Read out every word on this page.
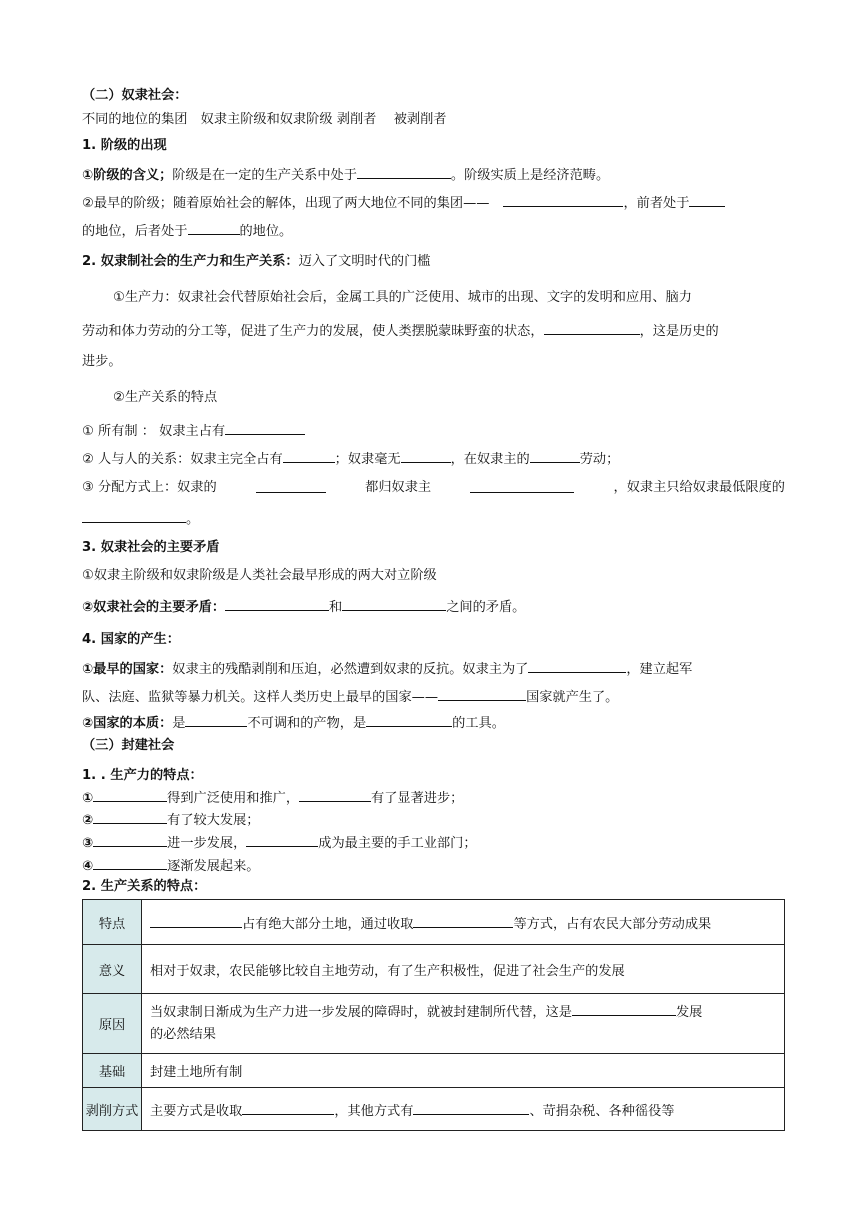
（二）奴隶社会：
不同的地位的集团　奴隶主阶级和奴隶阶级 剥削者　 被剥削者
1. 阶级的出现
①阶级的含义；阶级是在一定的生产关系中处于	。阶级实质上是经济范畴。
②最早的阶级；随着原始社会的解体，出现了两大地位不同的集团——	，前者处于
的地位，后者处于	的地位。
2. 奴隶制社会的生产力和生产关系：迈入了文明时代的门槛
①生产力：奴隶社会代替原始社会后，金属工具的广泛使用、城市的出现、文字的发明和应用、脑力
劳动和体力劳动的分工等，促进了生产力的发展，使人类摆脱蒙昧野蛮的状态，	，这是历史的
进步。
②生产关系的特点
① 所有制 ： 奴隶主占有
② 人与人的关系：奴隶主完全占有	；奴隶毫无	，在奴隶主的	劳动；
③ 分配方式上：奴隶的	都归奴隶主	，奴隶主只给奴隶最低限度的
。
3. 奴隶社会的主要矛盾
①奴隶主阶级和奴隶阶级是人类社会最早形成的两大对立阶级
②奴隶社会的主要矛盾：	和	之间的矛盾。
4. 国家的产生：
①最早的国家：奴隶主的残酷剥削和压迫，必然遭到奴隶的反抗。奴隶主为了	，建立起军
队、法庭、监狱等暴力机关。这样人类历史上最早的国家——	国家就产生了。
②国家的本质：是	不可调和的产物，是	的工具。
（三）封建社会
1. . 生产力的特点：
①	得到广泛使用和推广，	有了显著进步；
②	有了较大发展；
③	进一步发展，	成为最主要的手工业部门；
④	逐渐发展起来。
2. 生产关系的特点：
特点	占有绝大部分土地，通过收取 等方式，占有农民大部分劳动成果
意义	相对于奴隶，农民能够比较自主地劳动，有了生产积极性，促进了社会生产的发展
原因	当奴隶制日渐成为生产力进一步发展的障碍时，就被封建制所代替，这是 发展
的必然结果
基础	封建土地所有制
剥削方式	主要方式是收取 ，其他方式有 、苛捐杂税、各种徭役等
